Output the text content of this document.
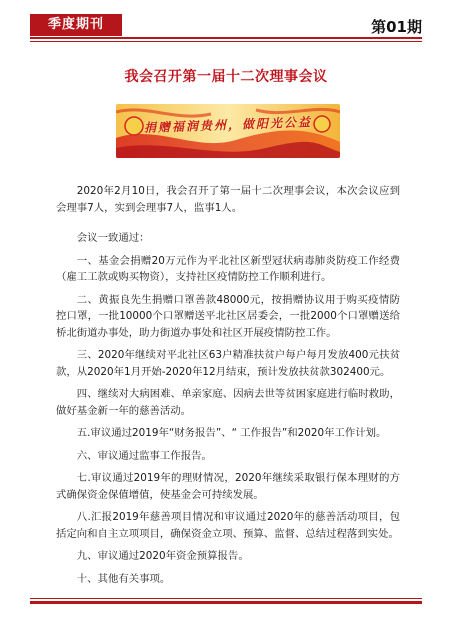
季度期刊	第01期
我会召开第一届十二次理事会议
捐赠福润贵州，做阳光公益

2020年2月10日，我会召开了第一届十二次理事会议，本次会议应到会理事7人，实到会理事7人，监事1人。

会议一致通过：

一、基金会捐赠20万元作为平北社区新型冠状病毒肺炎防疫工作经费（雇工工款或购买物资），支持社区疫情防控工作顺利进行。

二、黄振良先生捐赠口罩善款48000元，按捐赠协议用于购买疫情防控口罩，一批10000个口罩赠送平北社区居委会，一批2000个口罩赠送给桥北街道办事处，助力街道办事处和社区开展疫情防控工作。

三、2020年继续对平北社区63户精准扶贫户每户每月发放400元扶贫款，从2020年1月开始-2020年12月结束，预计发放扶贫款302400元。

四、继续对大病困难、单亲家庭、因病去世等贫困家庭进行临时救助，做好基金新一年的慈善活动。

五.审议通过2019年“财务报告”、“ 工作报告”和2020年工作计划。

六、审议通过监事工作报告。

七.审议通过2019年的理财情况，2020年继续采取银行保本理财的方式确保资金保值增值，使基金会可持续发展。

八.汇报2019年慈善项目情况和审议通过2020年的慈善活动项目，包括定向和自主立项项目，确保资金立项、预算、监督、总结过程落到实处。

九、审议通过2020年资金预算报告。

十、其他有关事项。
